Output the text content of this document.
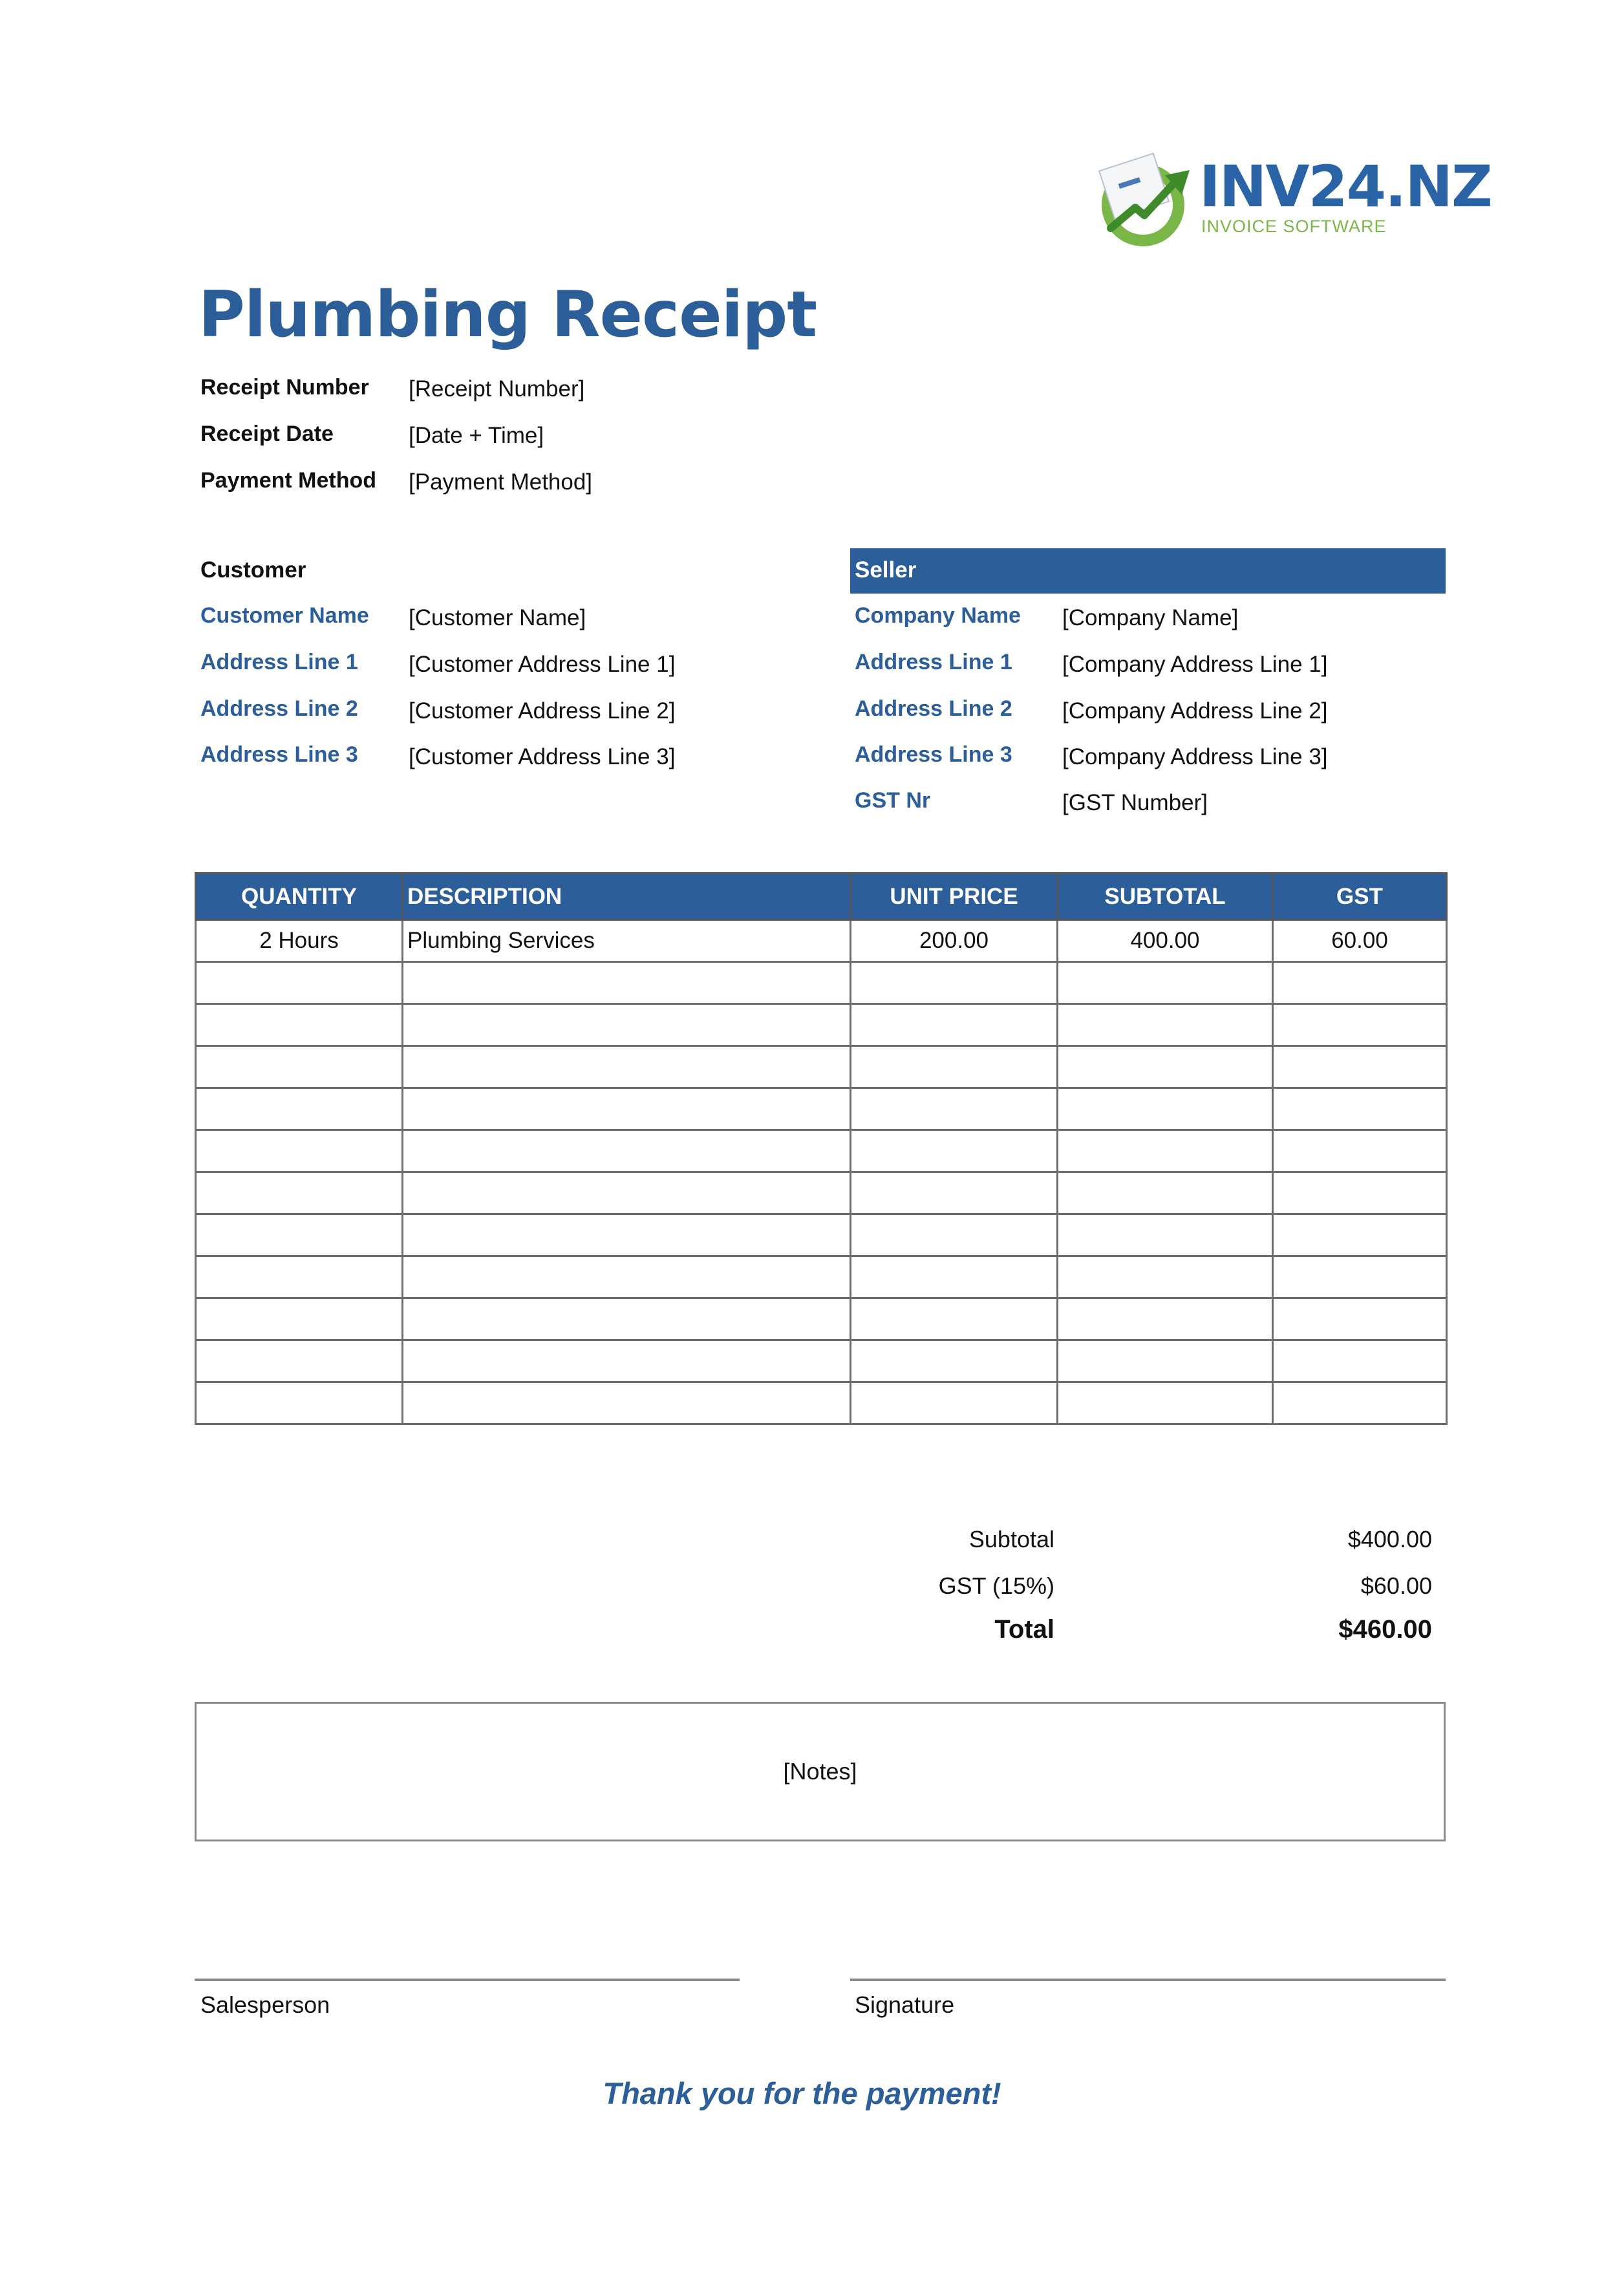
INV24.NZ
INVOICE SOFTWARE
Plumbing Receipt
Receipt Number [Receipt Number]
Receipt Date	[Date + Time]
Payment Method [Payment Method]
Customer
Customer Name [Customer Name]
Address Line 1 [Customer Address Line 1]
Address Line 2 [Customer Address Line 2]
Address Line 3 [Customer Address Line 3]
Seller
Company Name [Company Name]
Address Line 1 [Company Address Line 1]
Address Line 2 [Company Address Line 2]
Address Line 3 [Company Address Line 3]
GST Nr	[GST Number]
QUANTITY	DESCRIPTION	UNIT PRICE	SUBTOTAL	GST
2 Hours	Plumbing Services	200.00	400.00	60.00

Subtotal	$400.00
GST (15%)	$60.00
Total	$460.00
[Notes]
Salesperson	Signature
Thank you for the payment!
